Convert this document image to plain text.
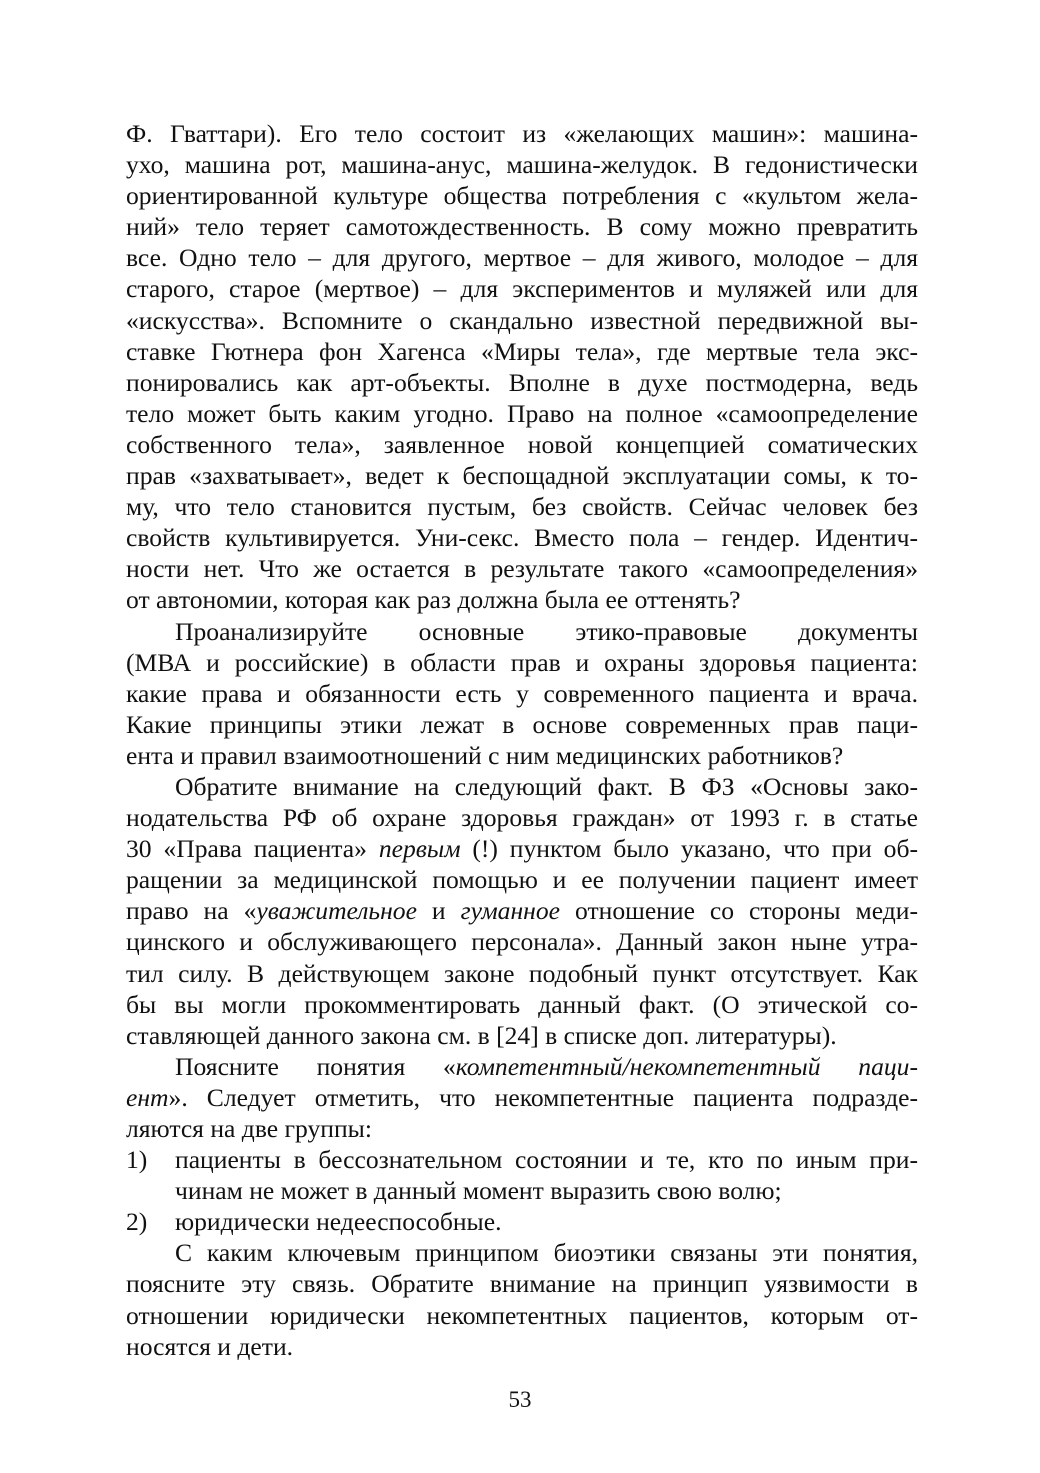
Ф. Гваттари). Его тело состоит из «желающих машин»: машина-
ухо, машина рот, машина-анус, машина-желудок. В гедонистически
ориентированной культуре общества потребления с «культом жела-
ний» тело теряет самотождественность. В сому можно превратить
все. Одно тело – для другого, мертвое – для живого, молодое – для
старого, старое (мертвое) – для экспериментов и муляжей или для
«искусства». Вспомните о скандально известной передвижной вы-
ставке Гютнера фон Хагенса «Миры тела», где мертвые тела экс-
понировались как арт-объекты. Вполне в духе постмодерна, ведь
тело может быть каким угодно. Право на полное «самоопределение
собственного тела», заявленное новой концепцией соматических
прав «захватывает», ведет к беспощадной эксплуатации сомы, к то-
му, что тело становится пустым, без свойств. Сейчас человек без
свойств культивируется. Уни-секс. Вместо пола – гендер. Идентич-
ности нет. Что же остается в результате такого «самоопределения»
от автономии, которая как раз должна была ее оттенять?
Проанализируйте основные этико-правовые документы
(МВА и российские) в области прав и охраны здоровья пациента:
какие права и обязанности есть у современного пациента и врача.
Какие принципы этики лежат в основе современных прав паци-
ента и правил взаимоотношений с ним медицинских работников?
Обратите внимание на следующий факт. В ФЗ «Основы зако-
нодательства РФ об охране здоровья граждан» от 1993 г. в статье
30 «Права пациента» первым (!) пунктом было указано, что при об-
ращении за медицинской помощью и ее получении пациент имеет
право на «уважительное и гуманное отношение со стороны меди-
цинского и обслуживающего персонала». Данный закон ныне утра-
тил силу. В действующем законе подобный пункт отсутствует. Как
бы вы могли прокомментировать данный факт. (О этической со-
ставляющей данного закона см. в [24] в списке доп. литературы).
Поясните понятия «компетентный/некомпетентный паци-
ент». Следует отметить, что некомпетентные пациента подразде-
ляются на две группы:
1)	пациенты в бессознательном состоянии и те, кто по иным при-
чинам не может в данный момент выразить свою волю;
2)	юридически недееспособные.
С каким ключевым принципом биоэтики связаны эти понятия,
поясните эту связь. Обратите внимание на принцип уязвимости в
отношении юридически некомпетентных пациентов, которым от-
носятся и дети.
53
